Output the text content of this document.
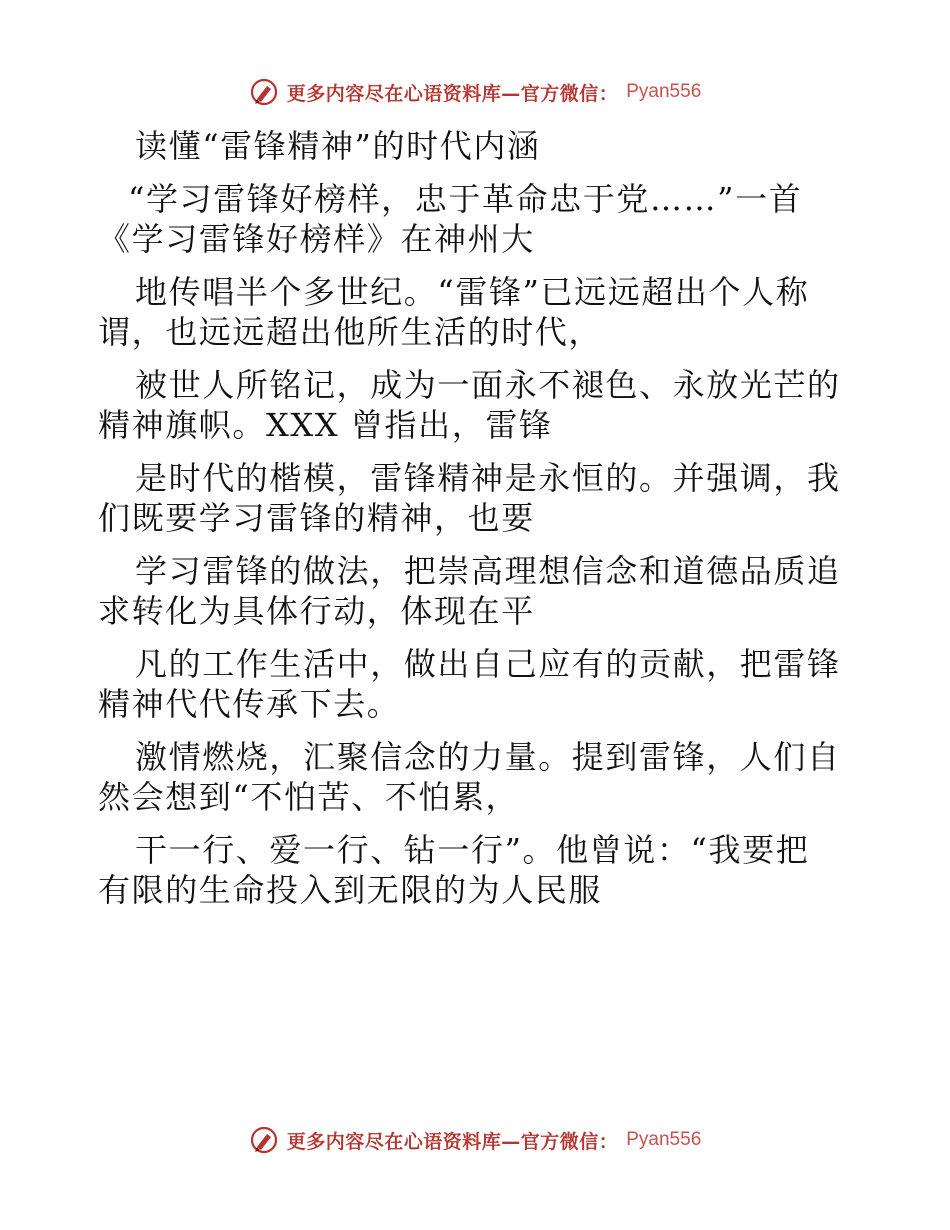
更多内容尽在心语资料库—官方微信： Pyan556
读懂“雷锋精神”的时代内涵
“学习雷锋好榜样，忠于革命忠于党……”一首
《学习雷锋好榜样》在神州大
地传唱半个多世纪。“雷锋”已远远超出个人称
谓，也远远超出他所生活的时代，
被世人所铭记，成为一面永不褪色、永放光芒的
精神旗帜。XXX 曾指出，雷锋
是时代的楷模，雷锋精神是永恒的。并强调，我
们既要学习雷锋的精神，也要
学习雷锋的做法，把崇高理想信念和道德品质追
求转化为具体行动，体现在平
凡的工作生活中，做出自己应有的贡献，把雷锋
精神代代传承下去。
激情燃烧，汇聚信念的力量。提到雷锋，人们自
然会想到“不怕苦、不怕累，
干一行、爱一行、钻一行”。他曾说：“我要把
有限的生命投入到无限的为人民服
更多内容尽在心语资料库—官方微信： Pyan556
